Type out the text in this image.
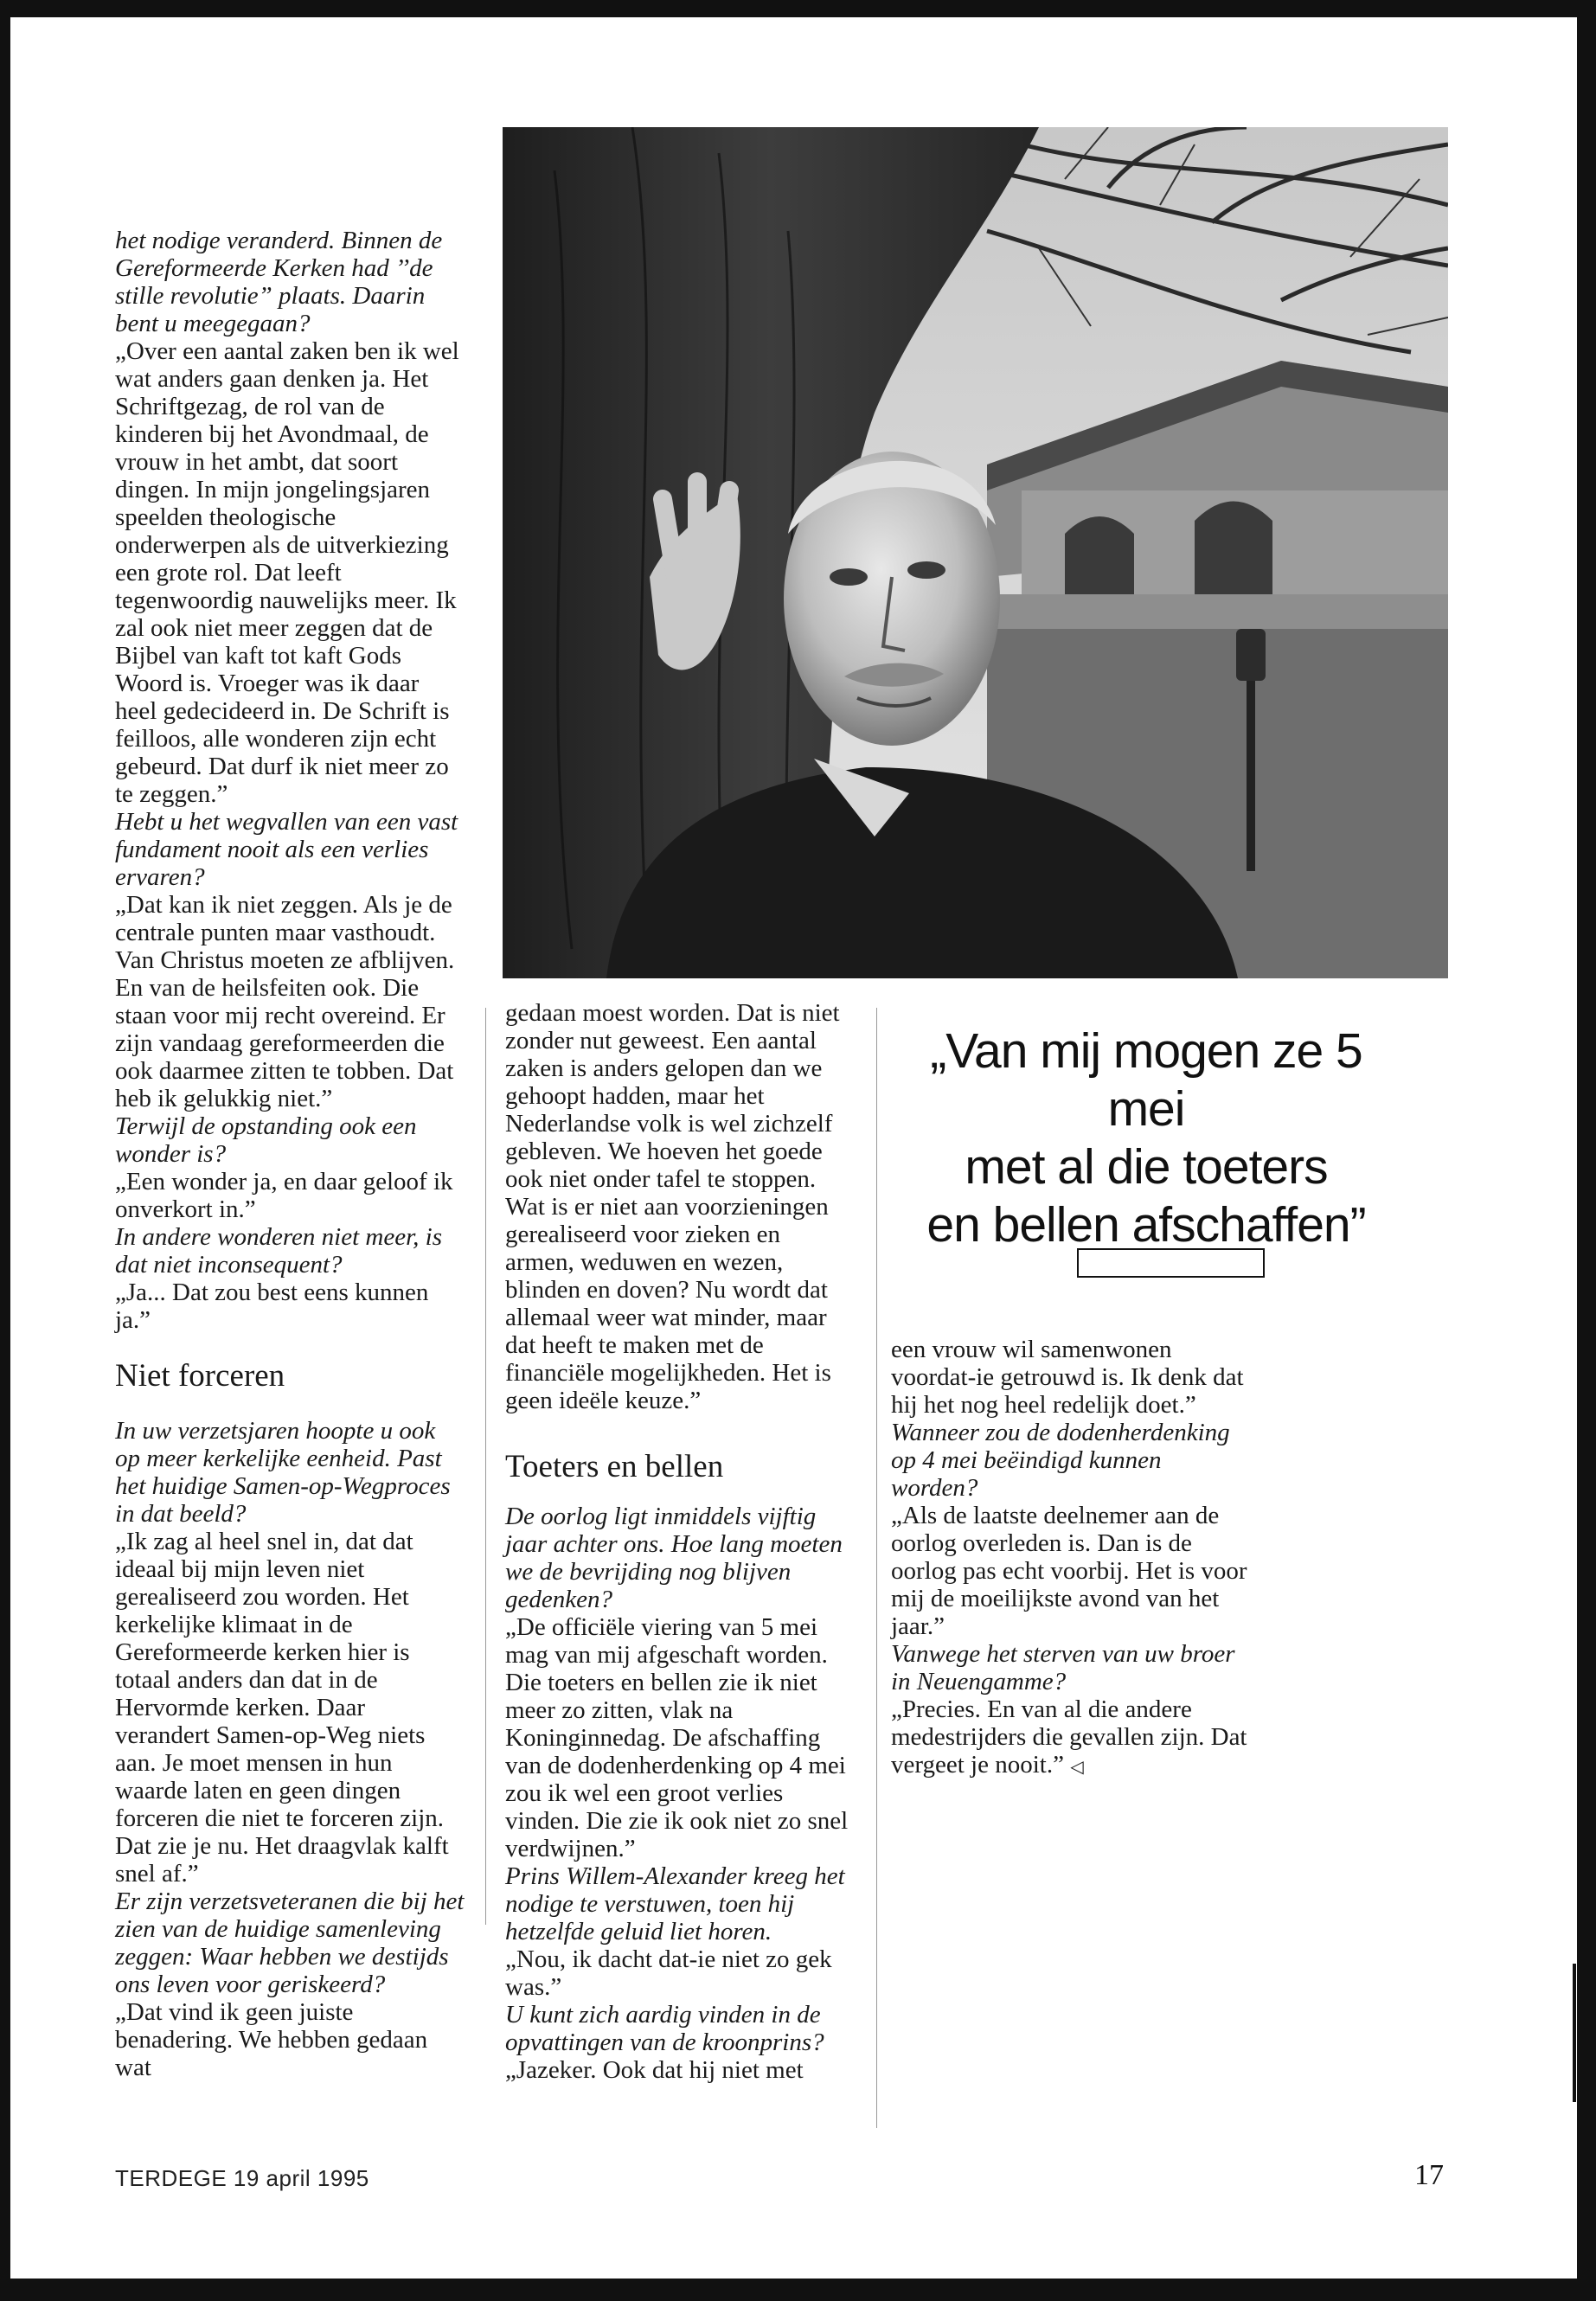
het nodige veranderd. Binnen de Gereformeerde Kerken had ’’de stille revolutie” plaats. Daarin bent u meegegaan?

„Over een aantal zaken ben ik wel wat anders gaan denken ja. Het Schriftgezag, de rol van de kinderen bij het Avondmaal, de vrouw in het ambt, dat soort dingen. In mijn jongelingsjaren speelden theologische onderwerpen als de uitverkiezing een grote rol. Dat leeft tegenwoordig nauwelijks meer. Ik zal ook niet meer zeggen dat de Bijbel van kaft tot kaft Gods Woord is. Vroeger was ik daar heel gedecideerd in. De Schrift is feilloos, alle wonderen zijn echt gebeurd. Dat durf ik niet meer zo te zeggen.”

Hebt u het wegvallen van een vast fundament nooit als een verlies ervaren?

„Dat kan ik niet zeggen. Als je de centrale punten maar vasthoudt. Van Christus moeten ze afblijven. En van de heilsfeiten ook. Die staan voor mij recht overeind. Er zijn vandaag gereformeerden die ook daarmee zitten te tobben. Dat heb ik gelukkig niet.”

Terwijl de opstanding ook een wonder is?

„Een wonder ja, en daar geloof ik onverkort in.”

In andere wonderen niet meer, is dat niet inconsequent?

„Ja... Dat zou best eens kunnen ja.”

Niet forceren

In uw verzetsjaren hoopte u ook op meer kerkelijke eenheid. Past het huidige Samen-op-Wegproces in dat beeld?

„Ik zag al heel snel in, dat dat ideaal bij mijn leven niet gerealiseerd zou worden. Het kerkelijke klimaat in de Gereformeerde kerken hier is totaal anders dan dat in de Hervormde kerken. Daar verandert Samen-op-Weg niets aan. Je moet mensen in hun waarde laten en geen dingen forceren die niet te forceren zijn. Dat zie je nu. Het draagvlak kalft snel af.”

Er zijn verzetsveteranen die bij het zien van de huidige samenleving zeggen: Waar hebben we destijds ons leven voor geriskeerd?

„Dat vind ik geen juiste benadering. We hebben gedaan wat

gedaan moest worden. Dat is niet zonder nut geweest. Een aantal zaken is anders gelopen dan we gehoopt hadden, maar het Nederlandse volk is wel zichzelf gebleven. We hoeven het goede ook niet onder tafel te stoppen. Wat is er niet aan voorzieningen gerealiseerd voor zieken en armen, weduwen en wezen, blinden en doven? Nu wordt dat allemaal weer wat minder, maar dat heeft te maken met de financiële mogelijkheden. Het is geen ideële keuze.”

Toeters en bellen

De oorlog ligt inmiddels vijftig jaar achter ons. Hoe lang moeten we de bevrijding nog blijven gedenken?

„De officiële viering van 5 mei mag van mij afgeschaft worden. Die toeters en bellen zie ik niet meer zo zitten, vlak na Koninginnedag. De afschaffing van de dodenherdenking op 4 mei zou ik wel een groot verlies vinden. Die zie ik ook niet zo snel verdwijnen.”

Prins Willem-Alexander kreeg het nodige te verstuwen, toen hij hetzelfde geluid liet horen.

„Nou, ik dacht dat-ie niet zo gek was.”

U kunt zich aardig vinden in de opvattingen van de kroonprins?

„Jazeker. Ook dat hij niet met

„Van mij mogen ze 5 mei
met al die toeters
en bellen afschaffen”

een vrouw wil samenwonen voordat-ie getrouwd is. Ik denk dat hij het nog heel redelijk doet.”

Wanneer zou de dodenherdenking op 4 mei beëindigd kunnen worden?

„Als de laatste deelnemer aan de oorlog overleden is. Dan is de oorlog pas echt voorbij. Het is voor mij de moeilijkste avond van het jaar.”

Vanwege het sterven van uw broer in Neuengamme?

„Precies. En van al die andere medestrijders die gevallen zijn. Dat vergeet je nooit.” ◁

TERDEGE 19 april 1995	17
